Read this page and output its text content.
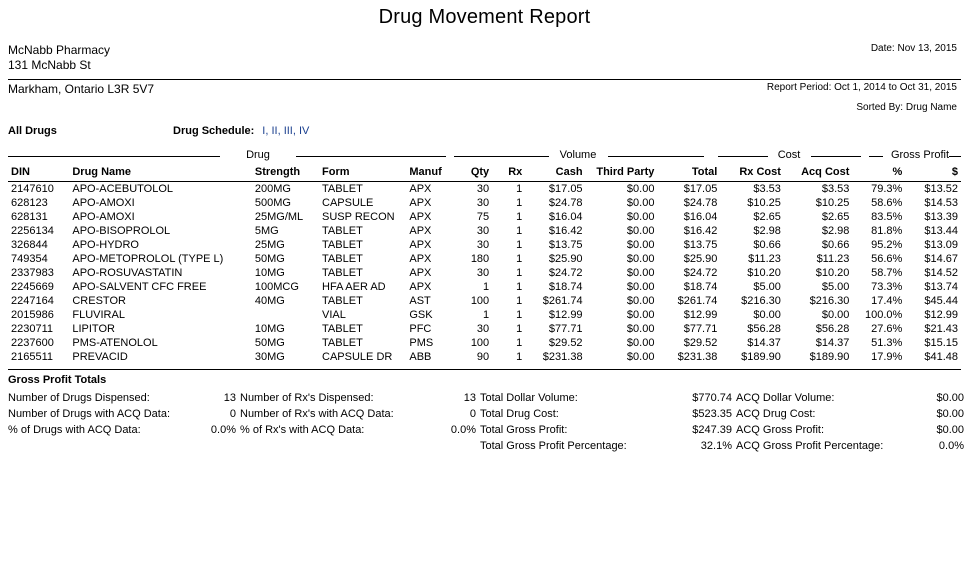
Drug Movement Report
McNabb Pharmacy
131 McNabb St
Date: Nov 13, 2015
Markham, Ontario L3R 5V7	Report Period: Oct 1, 2014 to Oct 31, 2015
Sorted By: Drug Name
All Drugs	Drug Schedule: I, II, III, IV
Drug	Volume	Cost	Gross Profit
DIN	Drug Name	Strength	Form	Manuf	Qty	Rx	Cash	Third Party	Total	Rx Cost	Acq Cost	%	$
2147610	APO-ACEBUTOLOL	200MG	TABLET	APX	30	1	$17.05	$0.00	$17.05	$3.53	$3.53	79.3%	$13.52
628123	APO-AMOXI	500MG	CAPSULE	APX	30	1	$24.78	$0.00	$24.78	$10.25	$10.25	58.6%	$14.53
628131	APO-AMOXI	25MG/ML	SUSP RECON	APX	75	1	$16.04	$0.00	$16.04	$2.65	$2.65	83.5%	$13.39
2256134	APO-BISOPROLOL	5MG	TABLET	APX	30	1	$16.42	$0.00	$16.42	$2.98	$2.98	81.8%	$13.44
326844	APO-HYDRO	25MG	TABLET	APX	30	1	$13.75	$0.00	$13.75	$0.66	$0.66	95.2%	$13.09
749354	APO-METOPROLOL (TYPE L)	50MG	TABLET	APX	180	1	$25.90	$0.00	$25.90	$11.23	$11.23	56.6%	$14.67
2337983	APO-ROSUVASTATIN	10MG	TABLET	APX	30	1	$24.72	$0.00	$24.72	$10.20	$10.20	58.7%	$14.52
2245669	APO-SALVENT CFC FREE	100MCG	HFA AER AD	APX	1	1	$18.74	$0.00	$18.74	$5.00	$5.00	73.3%	$13.74
2247164	CRESTOR	40MG	TABLET	AST	100	1	$261.74	$0.00	$261.74	$216.30	$216.30	17.4%	$45.44
2015986	FLUVIRAL		VIAL	GSK	1	1	$12.99	$0.00	$12.99	$0.00	$0.00	100.0%	$12.99
2230711	LIPITOR	10MG	TABLET	PFC	30	1	$77.71	$0.00	$77.71	$56.28	$56.28	27.6%	$21.43
2237600	PMS-ATENOLOL	50MG	TABLET	PMS	100	1	$29.52	$0.00	$29.52	$14.37	$14.37	51.3%	$15.15
2165511	PREVACID	30MG	CAPSULE DR	ABB	90	1	$231.38	$0.00	$231.38	$189.90	$189.90	17.9%	$41.48
Gross Profit Totals
Number of Drugs Dispensed:	13 Number of Rx's Dispensed:	13 Total Dollar Volume:	$770.74 ACQ Dollar Volume:	$0.00
Number of Drugs with ACQ Data:	0 Number of Rx's with ACQ Data:	0 Total Drug Cost:	$523.35 ACQ Drug Cost:	$0.00
% of Drugs with ACQ Data:	0.0% % of Rx's with ACQ Data:	0.0% Total Gross Profit:	$247.39 ACQ Gross Profit:	$0.00
Total Gross Profit Percentage:	32.1% ACQ Gross Profit Percentage:	0.0%
